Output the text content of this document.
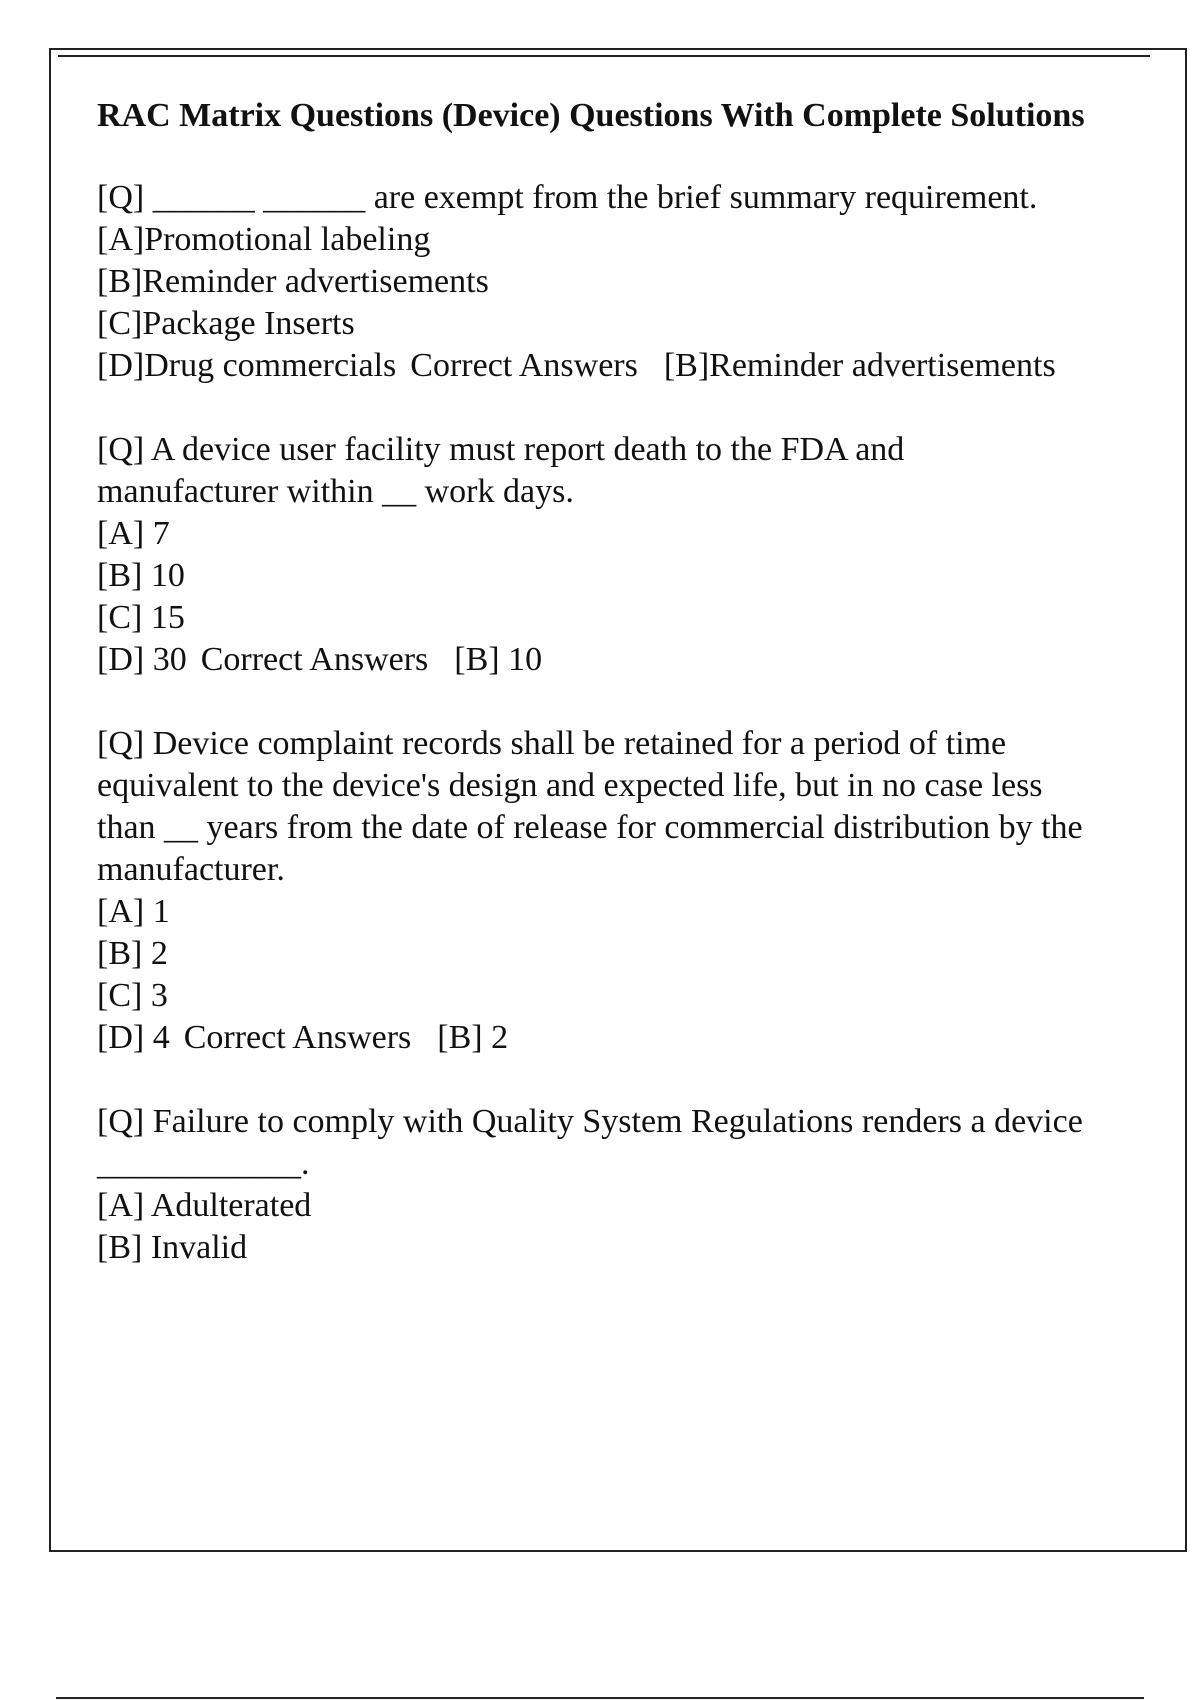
RAC Matrix Questions (Device) Questions With Complete Solutions
[Q] ______ ______ are exempt from the brief summary requirement.
[A]Promotional labeling
[B]Reminder advertisements
[C]Package Inserts
[D]Drug commercials Correct Answers [B]Reminder advertisements
[Q] A device user facility must report death to the FDA and manufacturer within __ work days.
[A] 7
[B] 10
[C] 15
[D] 30 Correct Answers [B] 10
[Q] Device complaint records shall be retained for a period of time equivalent to the device's design and expected life, but in no case less than __ years from the date of release for commercial distribution by the manufacturer.
[A] 1
[B] 2
[C] 3
[D] 4 Correct Answers [B] 2
[Q] Failure to comply with Quality System Regulations renders a device ____________.
[A] Adulterated
[B] Invalid
